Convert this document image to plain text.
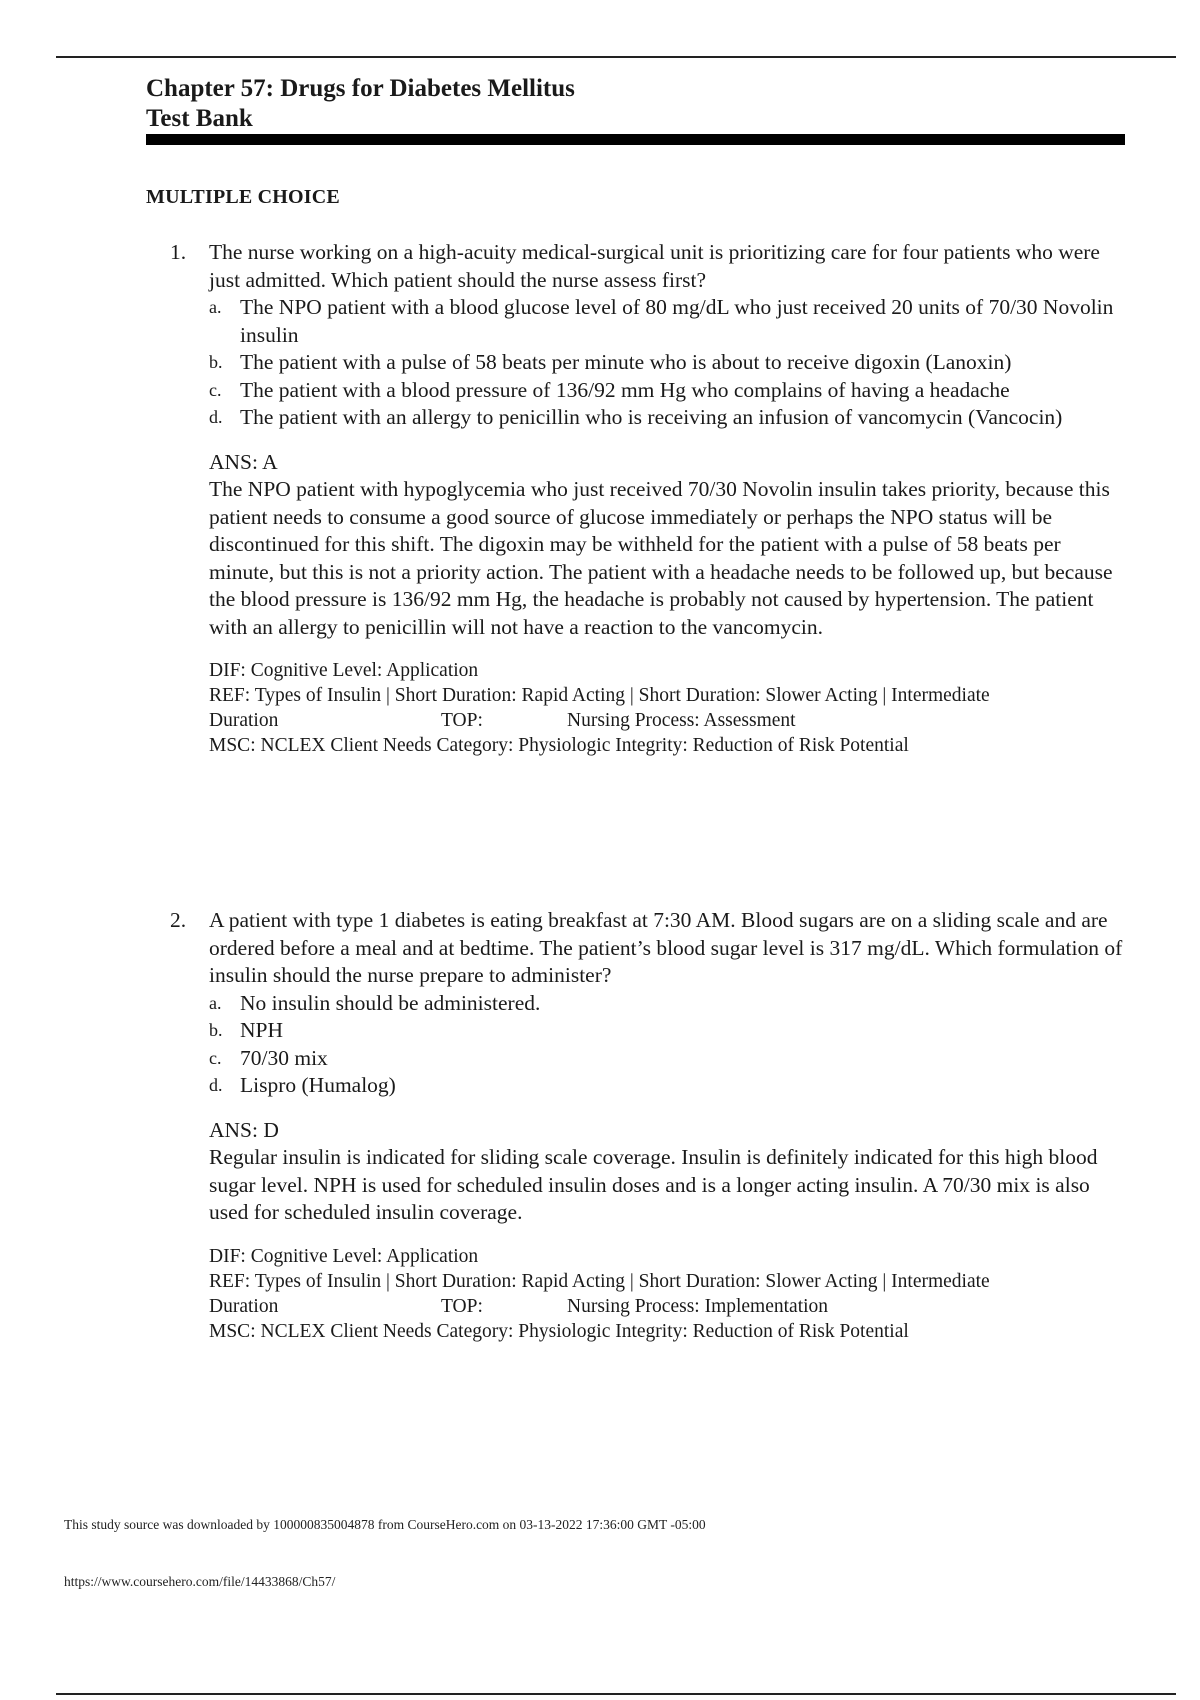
Chapter 57: Drugs for Diabetes Mellitus
Test Bank
MULTIPLE CHOICE
1.	The nurse working on a high-acuity medical-surgical unit is prioritizing care for four patients who were just admitted. Which patient should the nurse assess first?
a. The NPO patient with a blood glucose level of 80 mg/dL who just received 20 units of 70/30 Novolin insulin
b. The patient with a pulse of 58 beats per minute who is about to receive digoxin (Lanoxin)
c. The patient with a blood pressure of 136/92 mm Hg who complains of having a headache
d. The patient with an allergy to penicillin who is receiving an infusion of vancomycin (Vancocin)
ANS: A
The NPO patient with hypoglycemia who just received 70/30 Novolin insulin takes priority, because this patient needs to consume a good source of glucose immediately or perhaps the NPO status will be discontinued for this shift. The digoxin may be withheld for the patient with a pulse of 58 beats per minute, but this is not a priority action. The patient with a headache needs to be followed up, but because the blood pressure is 136/92 mm Hg, the headache is probably not caused by hypertension. The patient with an allergy to penicillin will not have a reaction to the vancomycin.
DIF: Cognitive Level: Application
REF: Types of Insulin | Short Duration: Rapid Acting | Short Duration: Slower Acting | Intermediate
Duration	TOP:	Nursing Process: Assessment
MSC: NCLEX Client Needs Category: Physiologic Integrity: Reduction of Risk Potential
2.	A patient with type 1 diabetes is eating breakfast at 7:30 AM. Blood sugars are on a sliding scale and are ordered before a meal and at bedtime. The patient’s blood sugar level is 317 mg/dL. Which formulation of insulin should the nurse prepare to administer?
a. No insulin should be administered.
b. NPH
c. 70/30 mix
d. Lispro (Humalog)
ANS: D
Regular insulin is indicated for sliding scale coverage. Insulin is definitely indicated for this high blood sugar level. NPH is used for scheduled insulin doses and is a longer acting insulin. A 70/30 mix is also used for scheduled insulin coverage.
DIF: Cognitive Level: Application
REF: Types of Insulin | Short Duration: Rapid Acting | Short Duration: Slower Acting | Intermediate
Duration	TOP:	Nursing Process: Implementation
MSC: NCLEX Client Needs Category: Physiologic Integrity: Reduction of Risk Potential
This study source was downloaded by 100000835004878 from CourseHero.com on 03-13-2022 17:36:00 GMT -05:00
https://www.coursehero.com/file/14433868/Ch57/
